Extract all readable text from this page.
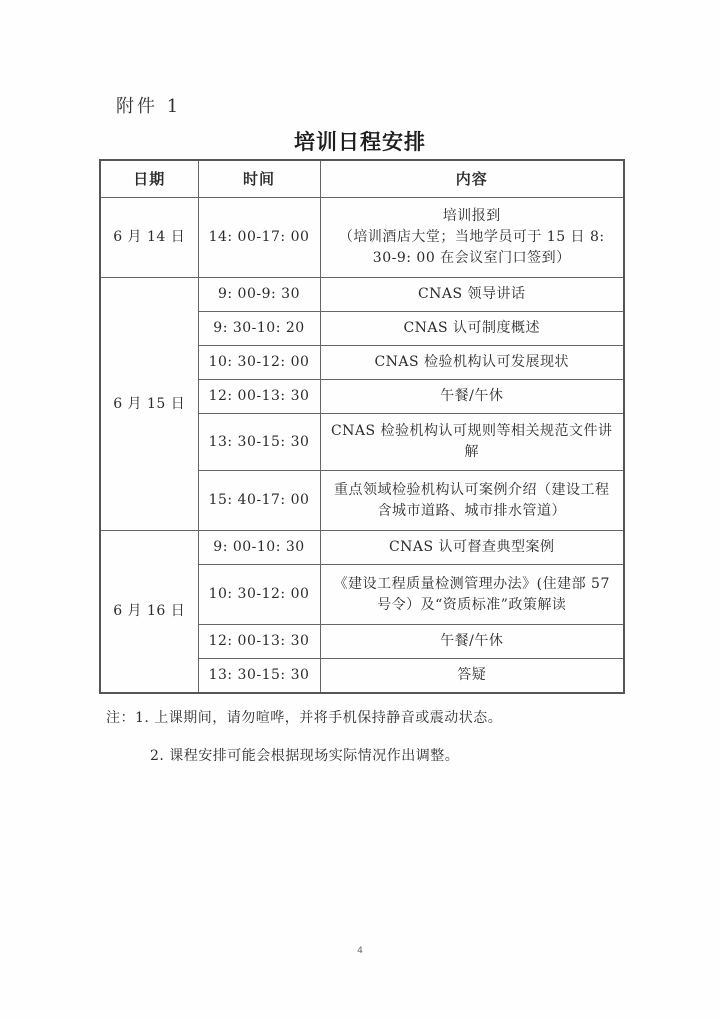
附件 1
培训日程安排
日期	时间	内容
6 月 14 日	14: 00-17: 00	培训报到
（培训酒店大堂；当地学员可于 15 日 8: 30-9: 00 在会议室门口签到）

6 月 15 日	9: 00-9: 30	CNAS 领导讲话
	9: 30-10: 20	CNAS 认可制度概述
	10: 30-12: 00	CNAS 检验机构认可发展现状
	12: 00-13: 30	午餐/午休
	13: 30-15: 30	CNAS 检验机构认可规则等相关规范文件讲解
	15: 40-17: 00	重点领域检验机构认可案例介绍（建设工程含城市道路、城市排水管道）
6 月 16 日	9: 00-10: 30	CNAS 认可督查典型案例
	10: 30-12: 00	《建设工程质量检测管理办法》(住建部 57 号令）及“资质标准”政策解读
	12: 00-13: 30	午餐/午休
	13: 30-15: 30	答疑
注：1. 上课期间，请勿喧哗，并将手机保持静音或震动状态。
2. 课程安排可能会根据现场实际情况作出调整。
4
